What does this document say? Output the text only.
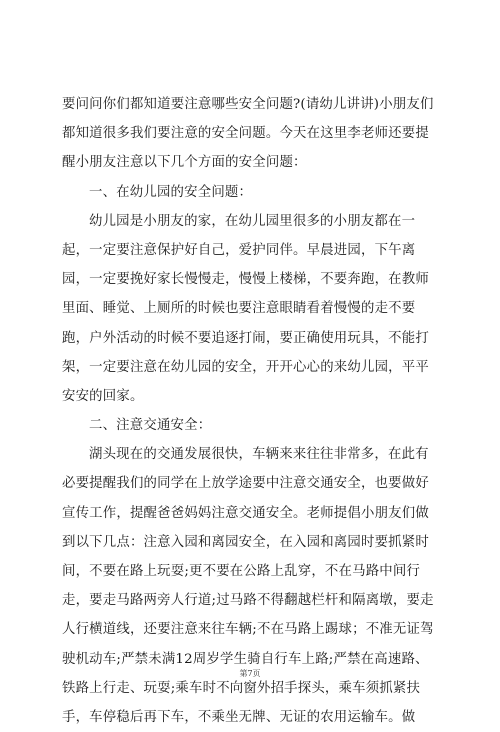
要问问你们都知道要注意哪些安全问题?(请幼儿讲讲)小朋友们
都知道很多我们要注意的安全问题。今天在这里李老师还要提
醒小朋友注意以下几个方面的安全问题：
一、在幼儿园的安全问题：
幼儿园是小朋友的家，在幼儿园里很多的小朋友都在一
起，一定要注意保护好自己，爱护同伴。早晨进园，下午离
园，一定要挽好家长慢慢走，慢慢上楼梯，不要奔跑，在教师
里面、睡觉、上厕所的时候也要注意眼睛看着慢慢的走不要
跑，户外活动的时候不要追逐打闹，要正确使用玩具，不能打
架，一定要注意在幼儿园的安全，开开心心的来幼儿园，平平
安安的回家。
二、注意交通安全：
湖头现在的交通发展很快，车辆来来往往非常多，在此有
必要提醒我们的同学在上放学途要中注意交通安全，也要做好
宣传工作，提醒爸爸妈妈注意交通安全。老师提倡小朋友们做
到以下几点：注意入园和离园安全，在入园和离园时要抓紧时
间，不要在路上玩耍;更不要在公路上乱穿，不在马路中间行
走，要走马路两旁人行道;过马路不得翻越栏杆和隔离墩，要走
人行横道线，还要注意来往车辆;不在马路上踢球；不准无证驾
驶机动车;严禁未满12周岁学生骑自行车上路;严禁在高速路、
铁路上行走、玩耍;乘车时不向窗外招手探头，乘车须抓紧扶
手，车停稳后再下车，不乘坐无牌、无证的农用运输车。做
第7页
